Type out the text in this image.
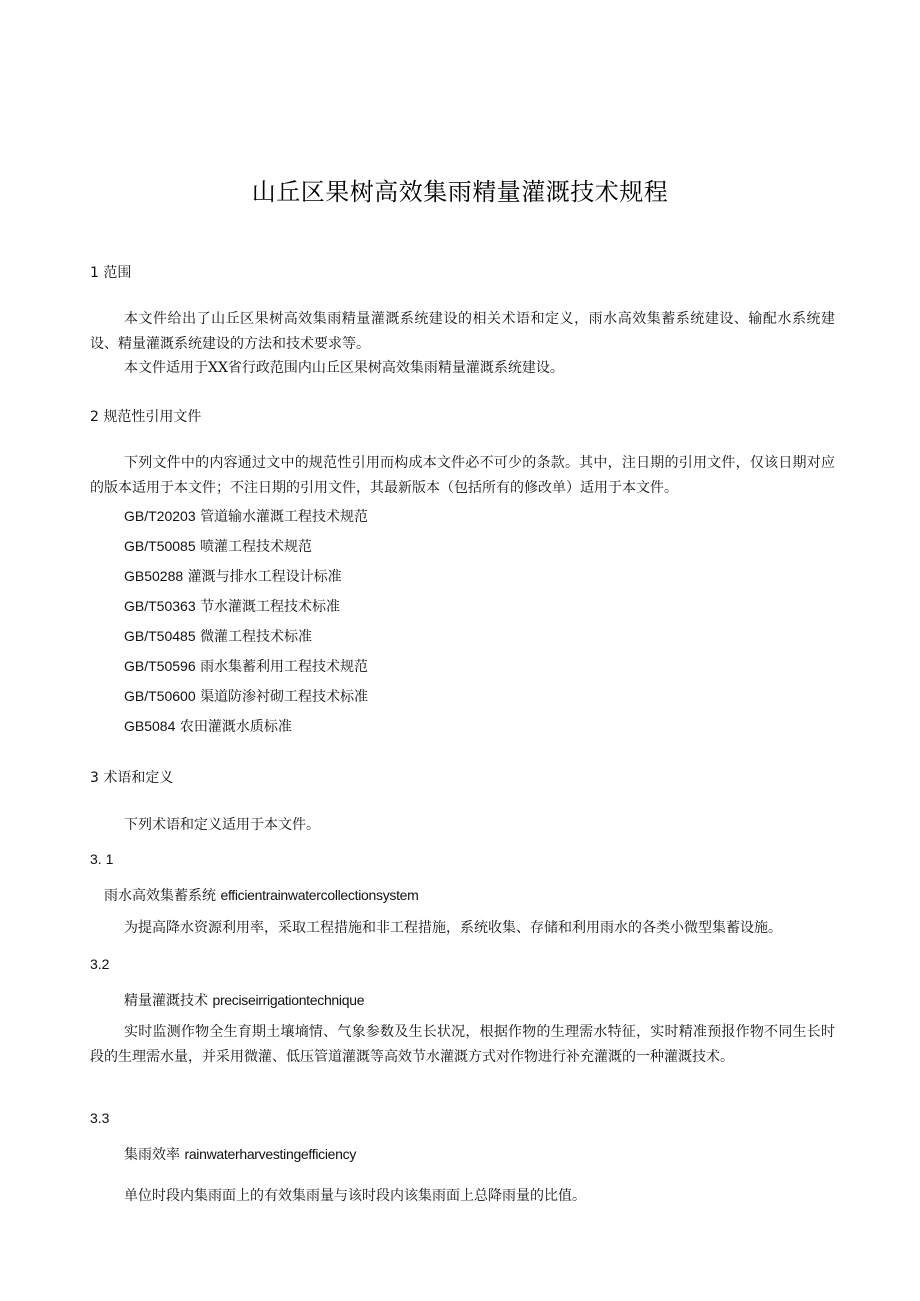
山丘区果树高效集雨精量灌溉技术规程
1 范围
本文件给出了山丘区果树高效集雨精量灌溉系统建设的相关术语和定义，雨水高效集蓄系统建设、输配水系统建设、精量灌溉系统建设的方法和技术要求等。
本文件适用于XX省行政范围内山丘区果树高效集雨精量灌溉系统建设。
2 规范性引用文件
下列文件中的内容通过文中的规范性引用而构成本文件必不可少的条款。其中，注日期的引用文件，仅该日期对应的版本适用于本文件；不注日期的引用文件，其最新版本（包括所有的修改单）适用于本文件。
GB/T20203 管道输水灌溉工程技术规范
GB/T50085 喷灌工程技术规范
GB50288 灌溉与排水工程设计标准
GB/T50363 节水灌溉工程技术标准
GB/T50485 微灌工程技术标准
GB/T50596 雨水集蓄利用工程技术规范
GB/T50600 渠道防渗衬砌工程技术标准
GB5084 农田灌溉水质标准
3 术语和定义
下列术语和定义适用于本文件。
3. 1
雨水高效集蓄系统 efficientrainwatercollectionsystem
为提高降水资源利用率，采取工程措施和非工程措施，系统收集、存储和利用雨水的各类小微型集蓄设施。
3.2
精量灌溉技术 preciseirrigationtechnique
实时监测作物全生育期土壤墒情、气象参数及生长状况，根据作物的生理需水特征，实时精准预报作物不同生长时段的生理需水量，并采用微灌、低压管道灌溉等高效节水灌溉方式对作物进行补充灌溉的一种灌溉技术。
3.3
集雨效率 rainwaterharvestingefficiency
单位时段内集雨面上的有效集雨量与该时段内该集雨面上总降雨量的比值。
